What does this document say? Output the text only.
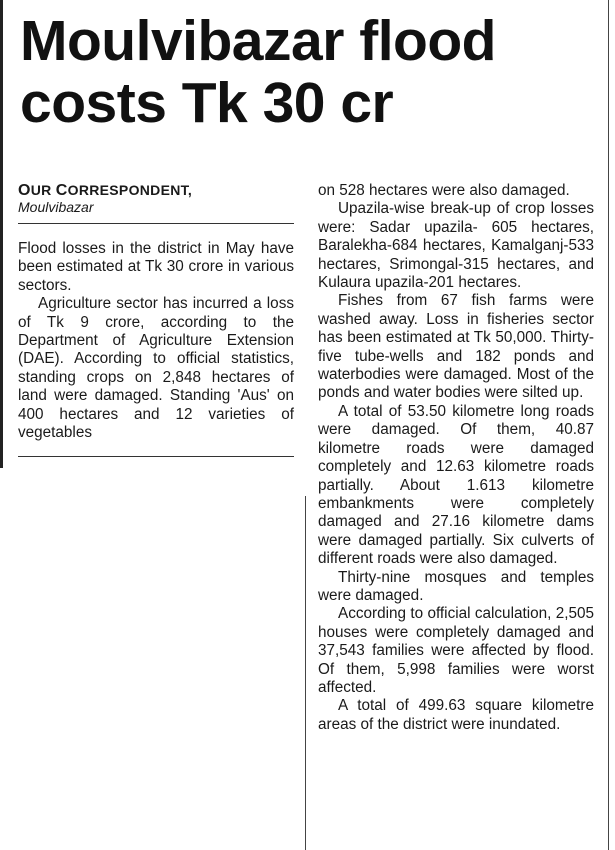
Moulvibazar flood costs Tk 30 cr
OUR CORRESPONDENT,
Moulvibazar

Flood losses in the district in May have been estimated at Tk 30 crore in various sectors.

Agriculture sector has incurred a loss of Tk 9 crore, according to the Department of Agriculture Extension (DAE). According to official statistics, standing crops on 2,848 hectares of land were damaged. Standing 'Aus' on 400 hectares and 12 varieties of vegetables

on 528 hectares were also damaged.

Upazila-wise break-up of crop losses were: Sadar upazila- 605 hectares, Baralekha-684 hectares, Kamalganj-533 hectares, Srimongal-315 hectares, and Kulaura upazila-201 hectares.

Fishes from 67 fish farms were washed away. Loss in fisheries sector has been estimated at Tk 50,000. Thirty-five tube-wells and 182 ponds and waterbodies were damaged. Most of the ponds and water bodies were silted up.

A total of 53.50 kilometre long roads were damaged. Of them, 40.87 kilometre roads were damaged completely and 12.63 kilometre roads partially. About 1.613 kilometre embankments were completely damaged and 27.16 kilometre dams were damaged partially. Six culverts of different roads were also damaged.

Thirty-nine mosques and temples were damaged.

According to official calculation, 2,505 houses were completely damaged and 37,543 families were affected by flood. Of them, 5,998 families were worst affected.

A total of 499.63 square kilometre areas of the district were inundated.
